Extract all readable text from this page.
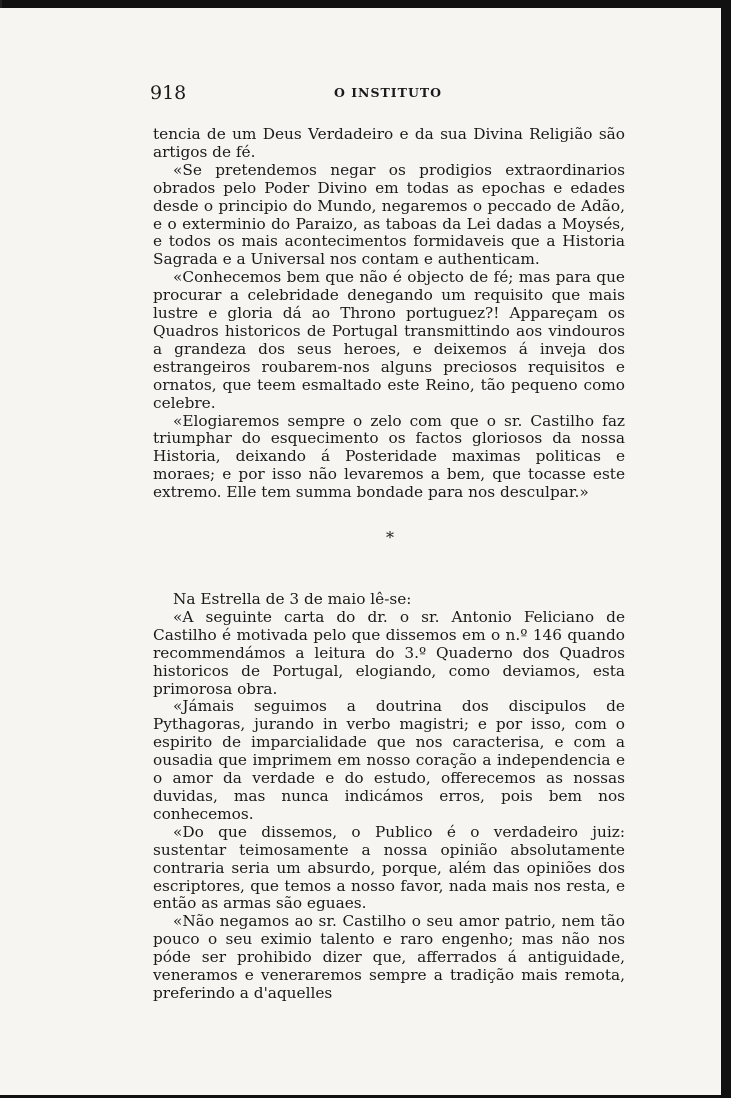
918	O INSTITUTO

tencia de um Deus Verdadeiro e da sua Divina Religião são artigos de fé.

«Se pretendemos negar os prodigios extraordinarios obrados pelo Poder Divino em todas as epochas e edades desde o principio do Mundo, negaremos o peccado de Adão, e o exterminio do Paraizo, as taboas da Lei dadas a Moysés, e todos os mais acontecimentos formidaveis que a Historia Sagrada e a Universal nos contam e authenticam.

«Conhecemos bem que não é objecto de fé; mas para que procurar a celebridade denegando um requisito que mais lustre e gloria dá ao Throno portuguez?! Appareçam os Quadros historicos de Portugal transmittindo aos vindouros a grandeza dos seus heroes, e deixemos á inveja dos estrangeiros roubarem-nos alguns preciosos requisitos e ornatos, que teem esmaltado este Reino, tão pequeno como celebre.

«Elogiaremos sempre o zelo com que o sr. Castilho faz triumphar do esquecimento os factos gloriosos da nossa Historia, deixando á Posteridade maximas politicas e moraes; e por isso não levaremos a bem, que tocasse este extremo. Elle tem summa bondade para nos desculpar.»

*

Na Estrella de 3 de maio lê-se:

«A seguinte carta do dr. o sr. Antonio Feliciano de Castilho é motivada pelo que dissemos em o n.º 146 quando recommendámos a leitura do 3.º Quaderno dos Quadros historicos de Portugal, elogiando, como deviamos, esta primorosa obra.

«Jámais seguimos a doutrina dos discipulos de Pythagoras, jurando in verbo magistri; e por isso, com o espirito de imparcialidade que nos caracterisa, e com a ousadia que imprimem em nosso coração a independencia e o amor da verdade e do estudo, offerecemos as nossas duvidas, mas nunca indicámos erros, pois bem nos conhecemos.

«Do que dissemos, o Publico é o verdadeiro juiz: sustentar teimosamente a nossa opinião absolutamente contraria seria um absurdo, porque, além das opiniões dos escriptores, que temos a nosso favor, nada mais nos resta, e então as armas são eguaes.

«Não negamos ao sr. Castilho o seu amor patrio, nem tão pouco o seu eximio talento e raro engenho; mas não nos póde ser prohibido dizer que, afferrados á antiguidade, veneramos e veneraremos sempre a tradição mais remota, preferindo a d'aquelles
